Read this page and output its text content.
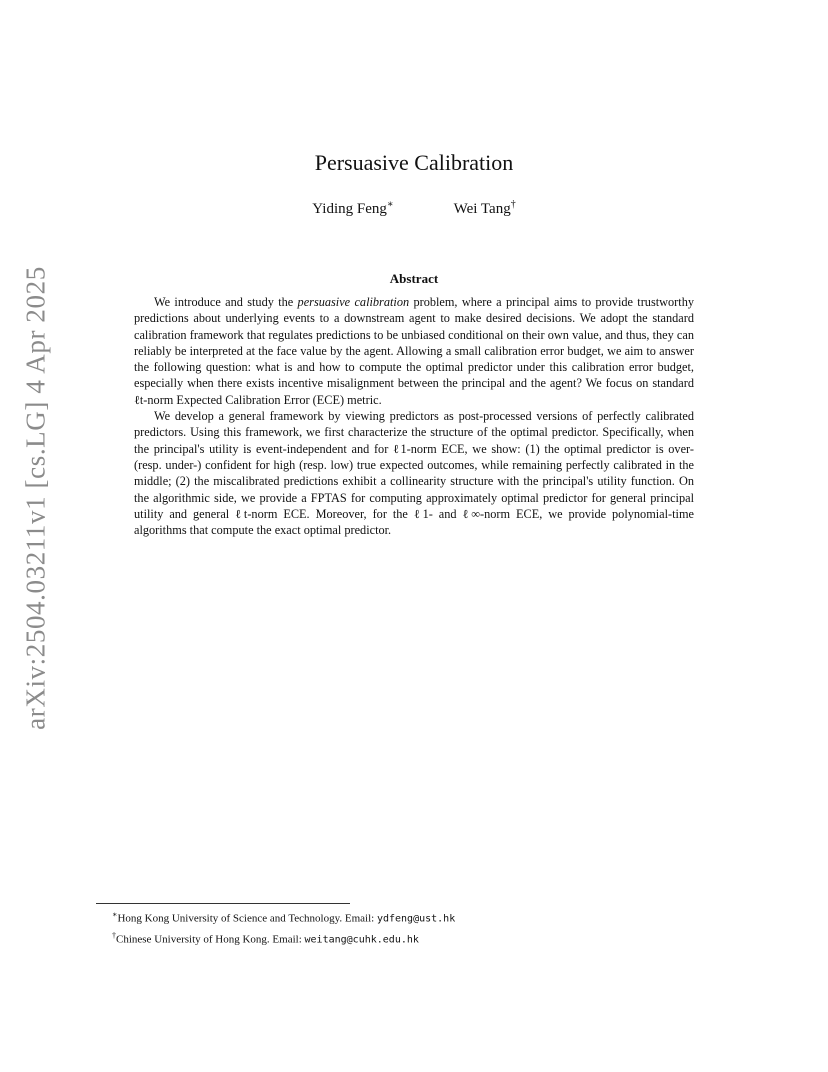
arXiv:2504.03211v1 [cs.LG] 4 Apr 2025
Persuasive Calibration
Yiding Feng∗	Wei Tang†
Abstract

We introduce and study the persuasive calibration problem, where a principal aims to provide trustworthy predictions about underlying events to a downstream agent to make desired decisions. We adopt the standard calibration framework that regulates predictions to be unbiased conditional on their own value, and thus, they can reliably be interpreted at the face value by the agent. Allowing a small calibration error budget, we aim to answer the following question: what is and how to compute the optimal predictor under this calibration error budget, especially when there exists incentive misalignment between the principal and the agent? We focus on standard ℓt-norm Expected Calibration Error (ECE) metric.

We develop a general framework by viewing predictors as post-processed versions of perfectly calibrated predictors. Using this framework, we first characterize the structure of the optimal predictor. Specifically, when the principal's utility is event-independent and for ℓ1-norm ECE, we show: (1) the optimal predictor is over-(resp. under-) confident for high (resp. low) true expected outcomes, while remaining perfectly calibrated in the middle; (2) the miscalibrated predictions exhibit a collinearity structure with the principal's utility function. On the algorithmic side, we provide a FPTAS for computing approximately optimal predictor for general principal utility and general ℓt-norm ECE. Moreover, for the ℓ1- and ℓ∞-norm ECE, we provide polynomial-time algorithms that compute the exact optimal predictor.

∗Hong Kong University of Science and Technology. Email: ydfeng@ust.hk
†Chinese University of Hong Kong. Email: weitang@cuhk.edu.hk
